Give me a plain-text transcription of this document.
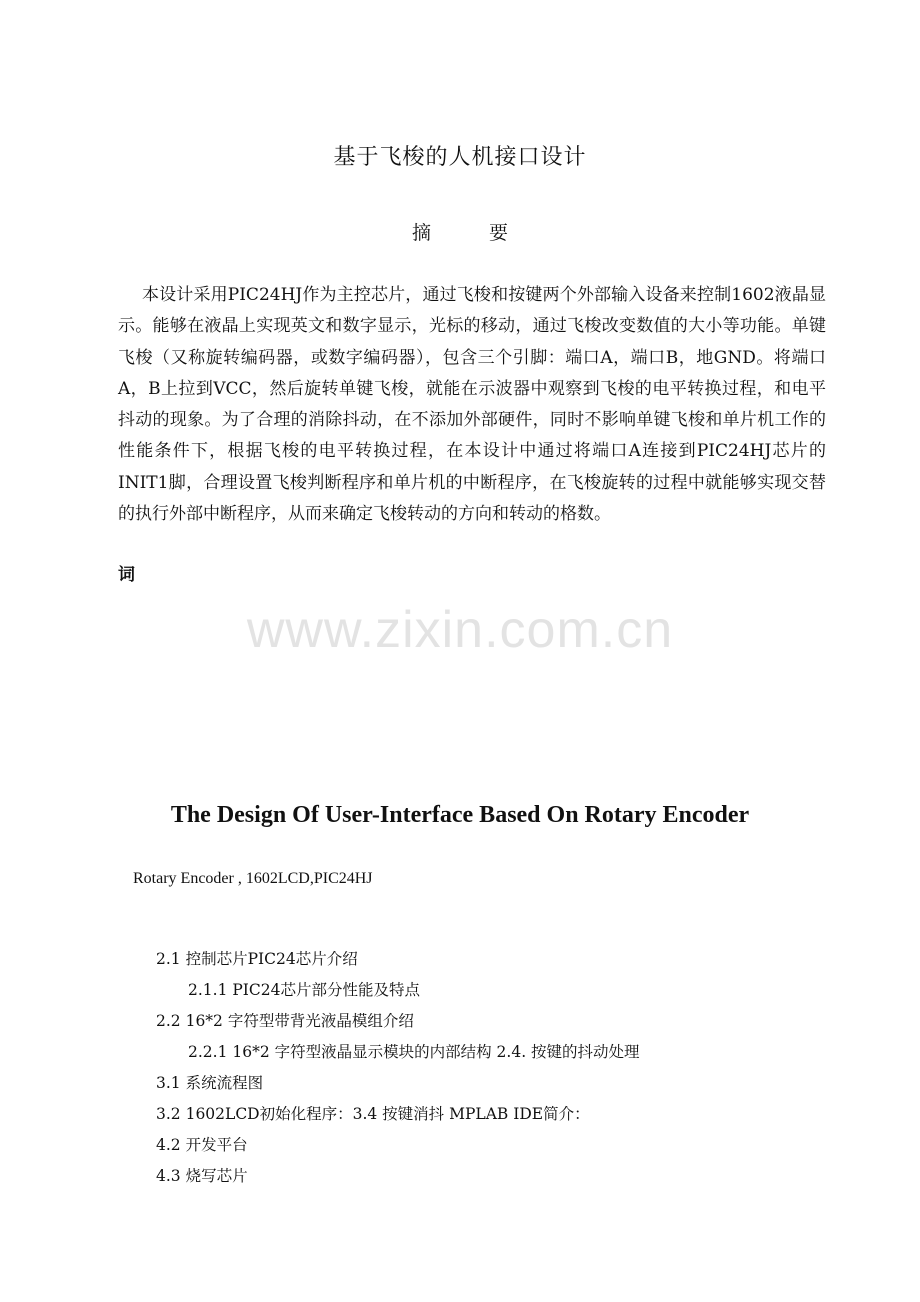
基于飞梭的人机接口设计
摘 要
本设计采用PIC24HJ作为主控芯片，通过飞梭和按键两个外部输入设备来控制1602液晶显示。能够在液晶上实现英文和数字显示，光标的移动，通过飞梭改变数值的大小等功能。单键飞梭（又称旋转编码器，或数字编码器），包含三个引脚：端口A，端口B，地GND。将端口A，B上拉到VCC，然后旋转单键飞梭，就能在示波器中观察到飞梭的电平转换过程，和电平抖动的现象。为了合理的消除抖动，在不添加外部硬件，同时不影响单键飞梭和单片机工作的性能条件下，根据飞梭的电平转换过程，在本设计中通过将端口A连接到PIC24HJ芯片的INIT1脚，合理设置飞梭判断程序和单片机的中断程序，在飞梭旋转的过程中就能够实现交替的执行外部中断程序，从而来确定飞梭转动的方向和转动的格数。
词
www.zixin.com.cn
The Design Of User-Interface Based On Rotary Encoder
Rotary Encoder , 1602LCD,PIC24HJ
2.1 控制芯片PIC24芯片介绍
2.1.1 PIC24芯片部分性能及特点
2.2 16*2 字符型带背光液晶模组介绍
2.2.1 16*2 字符型液晶显示模块的内部结构 2.4. 按键的抖动处理
3.1 系统流程图
3.2 1602LCD初始化程序：3.4 按键消抖 MPLAB IDE简介：
4.2 开发平台
4.3 烧写芯片
